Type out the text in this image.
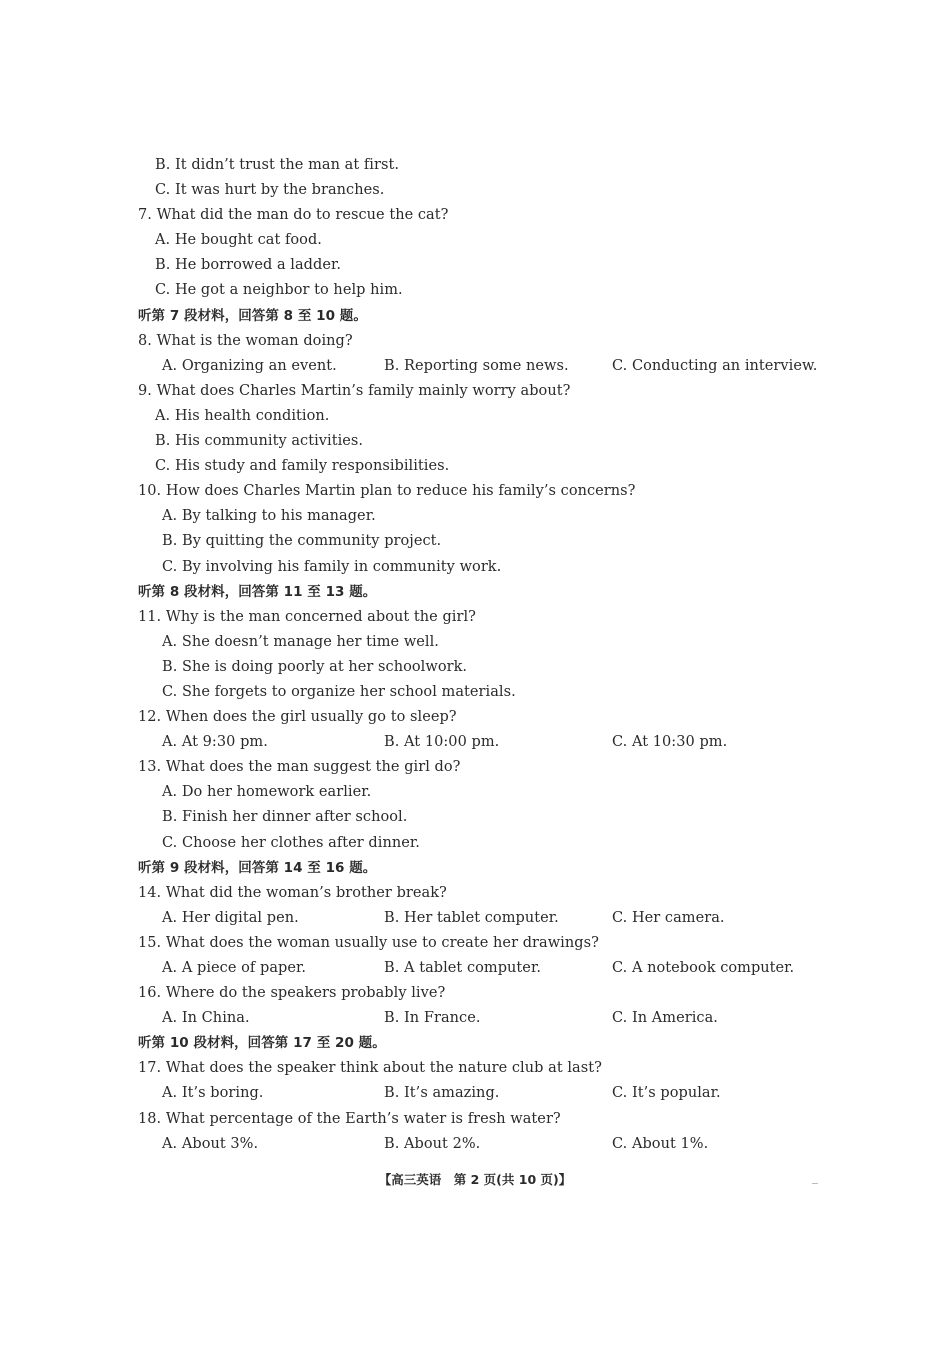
B. It didn’t trust the man at first.
C. It was hurt by the branches.
7. What did the man do to rescue the cat?
A. He bought cat food.
B. He borrowed a ladder.
C. He got a neighbor to help him.
听第 7 段材料，回答第 8 至 10 题。
8. What is the woman doing?
A. Organizing an event.	B. Reporting some news.	C. Conducting an interview.
9. What does Charles Martin’s family mainly worry about?
A. His health condition.
B. His community activities.
C. His study and family responsibilities.
10. How does Charles Martin plan to reduce his family’s concerns?
A. By talking to his manager.
B. By quitting the community project.
C. By involving his family in community work.
听第 8 段材料，回答第 11 至 13 题。
11. Why is the man concerned about the girl?
A. She doesn’t manage her time well.
B. She is doing poorly at her schoolwork.
C. She forgets to organize her school materials.
12. When does the girl usually go to sleep?
A. At 9:30 pm.	B. At 10:00 pm.	C. At 10:30 pm.
13. What does the man suggest the girl do?
A. Do her homework earlier.
B. Finish her dinner after school.
C. Choose her clothes after dinner.
听第 9 段材料，回答第 14 至 16 题。
14. What did the woman’s brother break?
A. Her digital pen.	B. Her tablet computer.	C. Her camera.
15. What does the woman usually use to create her drawings?
A. A piece of paper.	B. A tablet computer.	C. A notebook computer.
16. Where do the speakers probably live?
A. In China.	B. In France.	C. In America.
听第 10 段材料，回答第 17 至 20 题。
17. What does the speaker think about the nature club at last?
A. It’s boring.	B. It’s amazing.	C. It’s popular.
18. What percentage of the Earth’s water is fresh water?
A. About 3%.	B. About 2%.	C. About 1%.
【高三英语　第 2 页(共 10 页)】
